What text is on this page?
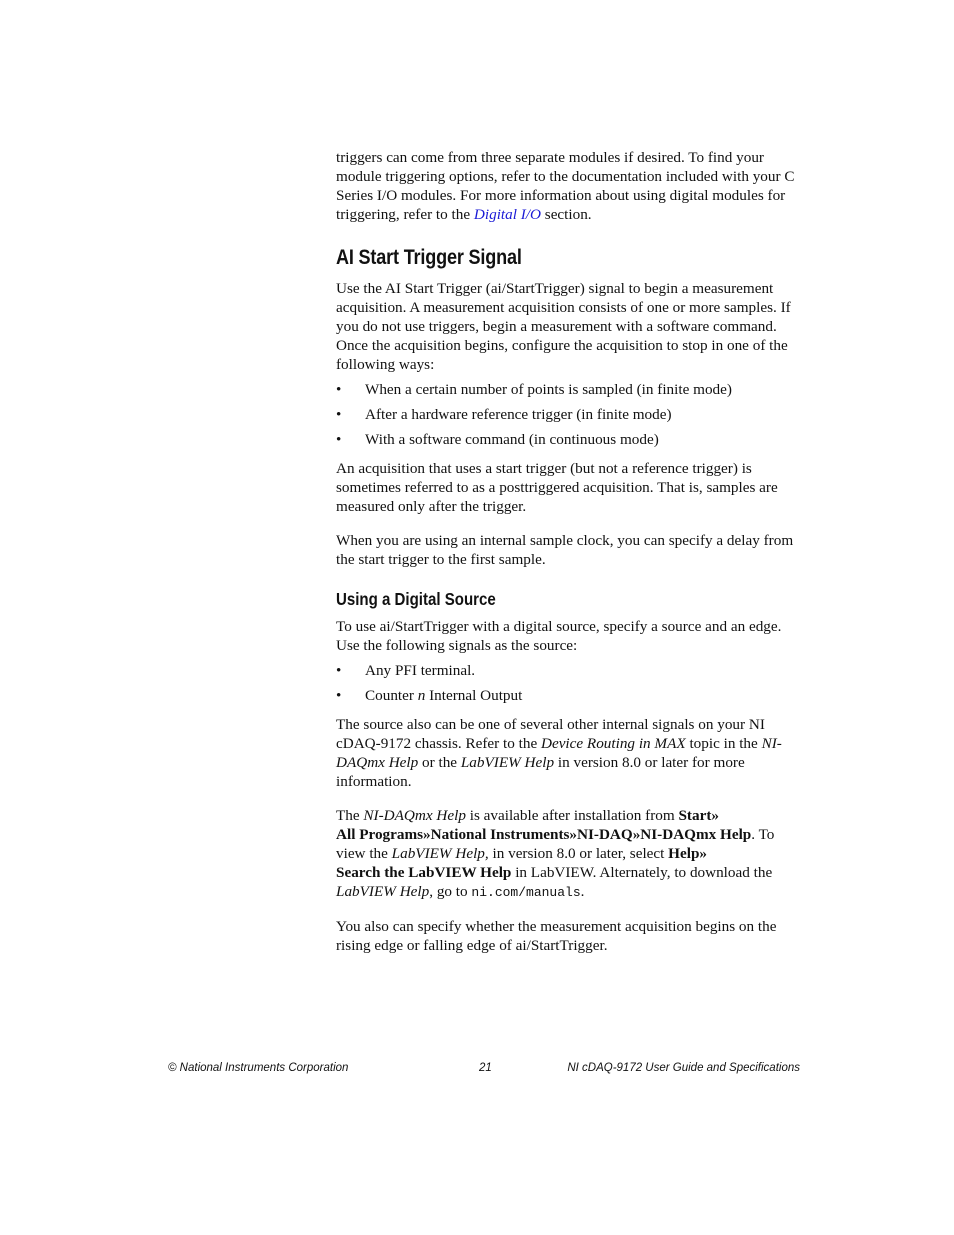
triggers can come from three separate modules if desired. To find your module triggering options, refer to the documentation included with your C Series I/O modules. For more information about using digital modules for triggering, refer to the Digital I/O section.

AI Start Trigger Signal

Use the AI Start Trigger (ai/StartTrigger) signal to begin a measurement acquisition. A measurement acquisition consists of one or more samples. If you do not use triggers, begin a measurement with a software command. Once the acquisition begins, configure the acquisition to stop in one of the following ways:

• When a certain number of points is sampled (in finite mode)
• After a hardware reference trigger (in finite mode)
• With a software command (in continuous mode)

An acquisition that uses a start trigger (but not a reference trigger) is sometimes referred to as a posttriggered acquisition. That is, samples are measured only after the trigger.

When you are using an internal sample clock, you can specify a delay from the start trigger to the first sample.

Using a Digital Source

To use ai/StartTrigger with a digital source, specify a source and an edge. Use the following signals as the source:

• Any PFI terminal.
• Counter n Internal Output

The source also can be one of several other internal signals on your NI cDAQ-9172 chassis. Refer to the Device Routing in MAX topic in the NI-DAQmx Help or the LabVIEW Help in version 8.0 or later for more information.

The NI-DAQmx Help is available after installation from Start»
All Programs»National Instruments»NI-DAQ»NI-DAQmx Help. To view the LabVIEW Help, in version 8.0 or later, select Help»
Search the LabVIEW Help in LabVIEW. Alternately, to download the LabVIEW Help, go to ni.com/manuals.

You also can specify whether the measurement acquisition begins on the rising edge or falling edge of ai/StartTrigger.

© National Instruments Corporation	21	NI cDAQ-9172 User Guide and Specifications
